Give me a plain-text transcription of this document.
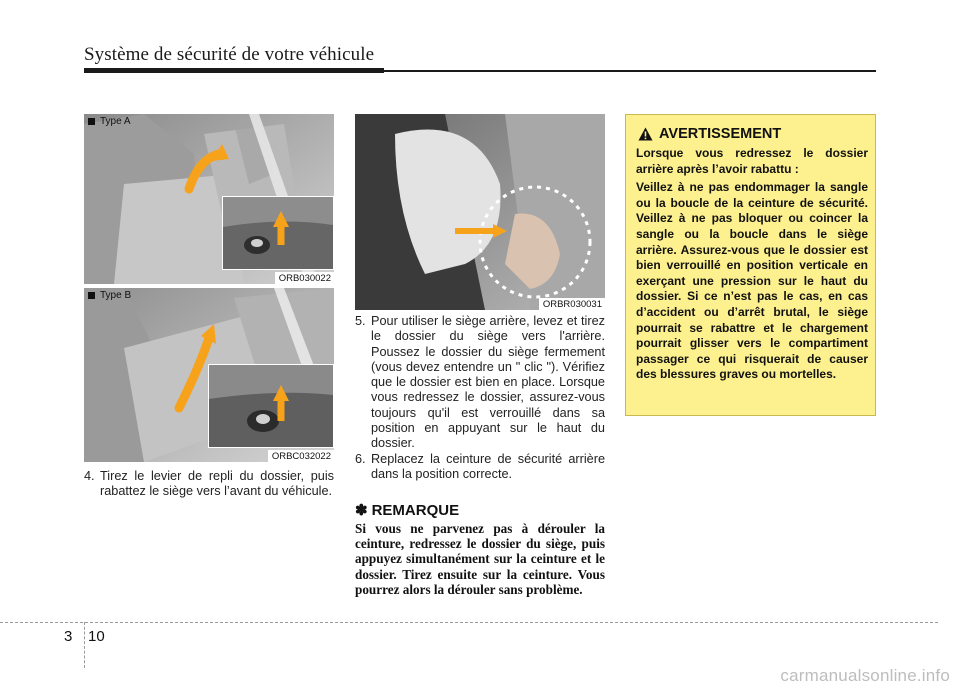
Système de sécurité de votre véhicule
Type A
ORB030022
Type B
ORBC032022
ORBR030031
4. Tirez le levier de repli du dossier, puis rabattez le siège vers l’avant du véhicule.
5. Pour utiliser le siège arrière, levez et tirez le dossier du siège vers l'arrière. Poussez le dossier du siège fermement (vous devez entendre un " clic "). Vérifiez que le dossier est bien en place. Lorsque vous redressez le dossier, assurez-vous toujours qu'il est verrouillé dans sa position en appuyant sur le haut du dossier.
6. Replacez la ceinture de sécurité arrière dans la position correcte.
✽ REMARQUE
Si vous ne parvenez pas à dérouler la ceinture, redressez le dossier du siège, puis appuyez simultanément sur la ceinture et le dossier. Tirez ensuite sur la ceinture. Vous pourrez alors la dérouler sans problème.
AVERTISSEMENT

Lorsque vous redressez le dossier arrière après l’avoir rabattu :

Veillez à ne pas endommager la sangle ou la boucle de la ceinture de sécurité. Veillez à ne pas bloquer ou coincer la sangle ou la boucle dans le siège arrière. Assurez-vous que le dossier est bien verrouillé en position verticale en exerçant une pression sur le haut du dossier. Si ce n’est pas le cas, en cas d’accident ou d’arrêt brutal, le siège pourrait se rabattre et le chargement pourrait glisser vers le compartiment passager ce qui risquerait de causer des blessures graves ou mortelles.

3 10
carmanualsonline.info
